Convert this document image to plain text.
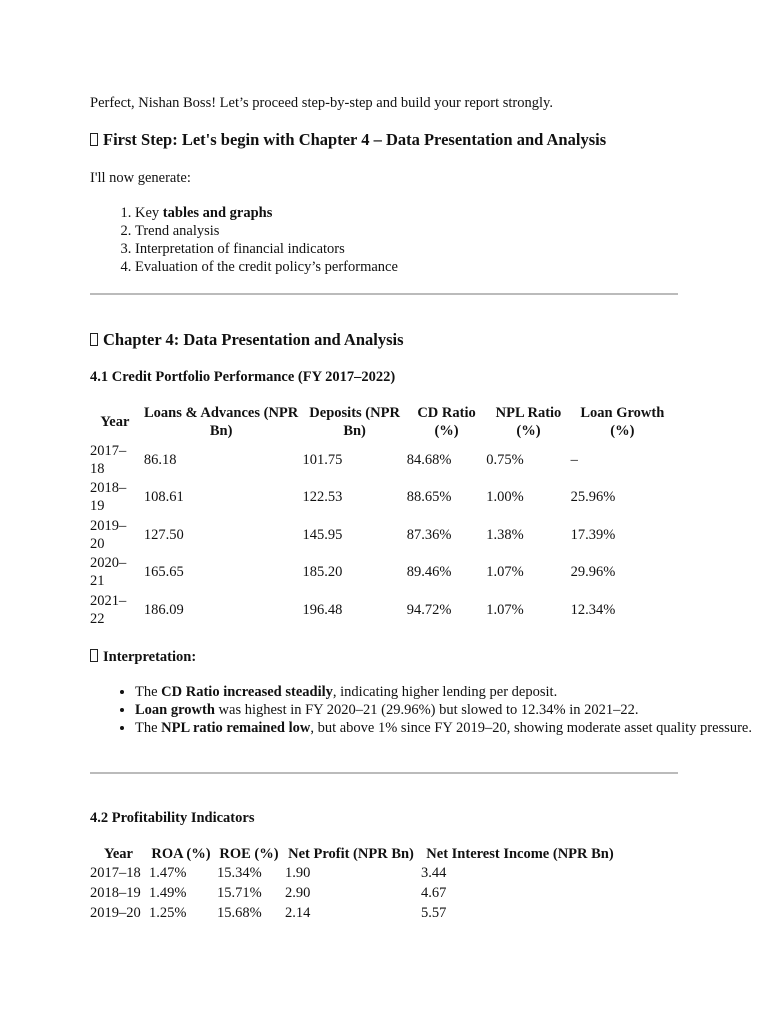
Perfect, Nishan Boss! Let’s proceed step-by-step and build your report strongly.
First Step: Let's begin with Chapter 4 – Data Presentation and Analysis
I'll now generate:
1. Key tables and graphs
2. Trend analysis
3. Interpretation of financial indicators
4. Evaluation of the credit policy’s performance
Chapter 4: Data Presentation and Analysis
4.1 Credit Portfolio Performance (FY 2017–2022)
Year	Loans & Advances (NPR Bn)	Deposits (NPR Bn)	CD Ratio (%)	NPL Ratio (%)	Loan Growth (%)
2017–18	86.18	101.75	84.68%	0.75%	–
2018–19	108.61	122.53	88.65%	1.00%	25.96%
2019–20	127.50	145.95	87.36%	1.38%	17.39%
2020–21	165.65	185.20	89.46%	1.07%	29.96%
2021–22	186.09	196.48	94.72%	1.07%	12.34%
Interpretation:
• The CD Ratio increased steadily, indicating higher lending per deposit.
• Loan growth was highest in FY 2020–21 (29.96%) but slowed to 12.34% in 2021–22.
• The NPL ratio remained low, but above 1% since FY 2019–20, showing moderate asset quality pressure.
4.2 Profitability Indicators
Year	ROA (%)	ROE (%)	Net Profit (NPR Bn)	Net Interest Income (NPR Bn)
2017–18	1.47%	15.34%	1.90	3.44
2018–19	1.49%	15.71%	2.90	4.67
2019–20	1.25%	15.68%	2.14	5.57
